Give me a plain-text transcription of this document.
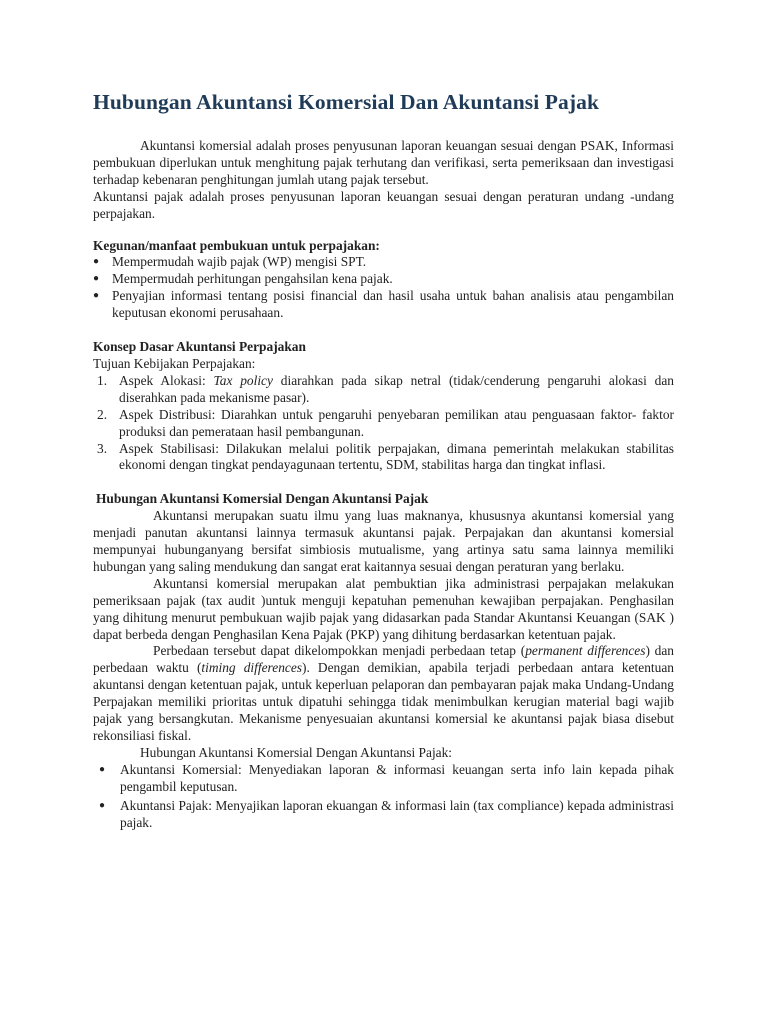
Hubungan Akuntansi Komersial Dan Akuntansi Pajak

Akuntansi komersial adalah proses penyusunan laporan keuangan sesuai dengan PSAK, Informasi pembukuan diperlukan untuk menghitung pajak terhutang dan verifikasi, serta pemeriksaan dan investigasi terhadap kebenaran penghitungan jumlah utang pajak tersebut.

Akuntansi pajak adalah proses penyusunan laporan keuangan sesuai dengan peraturan undang -undang perpajakan.

Kegunan/manfaat pembukuan untuk perpajakan:

● Mempermudah wajib pajak (WP) mengisi SPT.
● Mempermudah perhitungan pengahsilan kena pajak.
● Penyajian informasi tentang posisi financial dan hasil usaha untuk bahan analisis atau pengambilan keputusan ekonomi perusahaan.

Konsep Dasar Akuntansi Perpajakan

Tujuan Kebijakan Perpajakan:

1. Aspek Alokasi: Tax policy diarahkan pada sikap netral (tidak/cenderung pengaruhi alokasi dan diserahkan pada mekanisme pasar).
2. Aspek Distribusi: Diarahkan untuk pengaruhi penyebaran pemilikan atau penguasaan faktor- faktor produksi dan pemerataan hasil pembangunan.
3. Aspek Stabilisasi: Dilakukan melalui politik perpajakan, dimana pemerintah melakukan stabilitas ekonomi dengan tingkat pendayagunaan tertentu, SDM, stabilitas harga dan tingkat inflasi.

Hubungan Akuntansi Komersial Dengan Akuntansi Pajak

Akuntansi merupakan suatu ilmu yang luas maknanya, khususnya akuntansi komersial yang menjadi panutan akuntansi lainnya termasuk akuntansi pajak. Perpajakan dan akuntansi komersial mempunyai hubunganyang bersifat simbiosis mutualisme, yang artinya satu sama lainnya memiliki hubungan yang saling mendukung dan sangat erat kaitannya sesuai dengan peraturan yang berlaku.

Akuntansi komersial merupakan alat pembuktian jika administrasi perpajakan melakukan pemeriksaan pajak (tax audit )untuk menguji kepatuhan pemenuhan kewajiban perpajakan. Penghasilan yang dihitung menurut pembukuan wajib pajak yang didasarkan pada Standar Akuntansi Keuangan (SAK ) dapat berbeda dengan Penghasilan Kena Pajak (PKP) yang dihitung berdasarkan ketentuan pajak.

Perbedaan tersebut dapat dikelompokkan menjadi perbedaan tetap (permanent differences) dan perbedaan waktu (timing differences). Dengan demikian, apabila terjadi perbedaan antara ketentuan akuntansi dengan ketentuan pajak, untuk keperluan pelaporan dan pembayaran pajak maka Undang-Undang Perpajakan memiliki prioritas untuk dipatuhi sehingga tidak menimbulkan kerugian material bagi wajib pajak yang bersangkutan. Mekanisme penyesuaian akuntansi komersial ke akuntansi pajak biasa disebut rekonsiliasi fiskal.

Hubungan Akuntansi Komersial Dengan Akuntansi Pajak:

● Akuntansi Komersial: Menyediakan laporan & informasi keuangan serta info lain kepada pihak pengambil keputusan.
● Akuntansi Pajak: Menyajikan laporan ekuangan & informasi lain (tax compliance) kepada administrasi pajak.
